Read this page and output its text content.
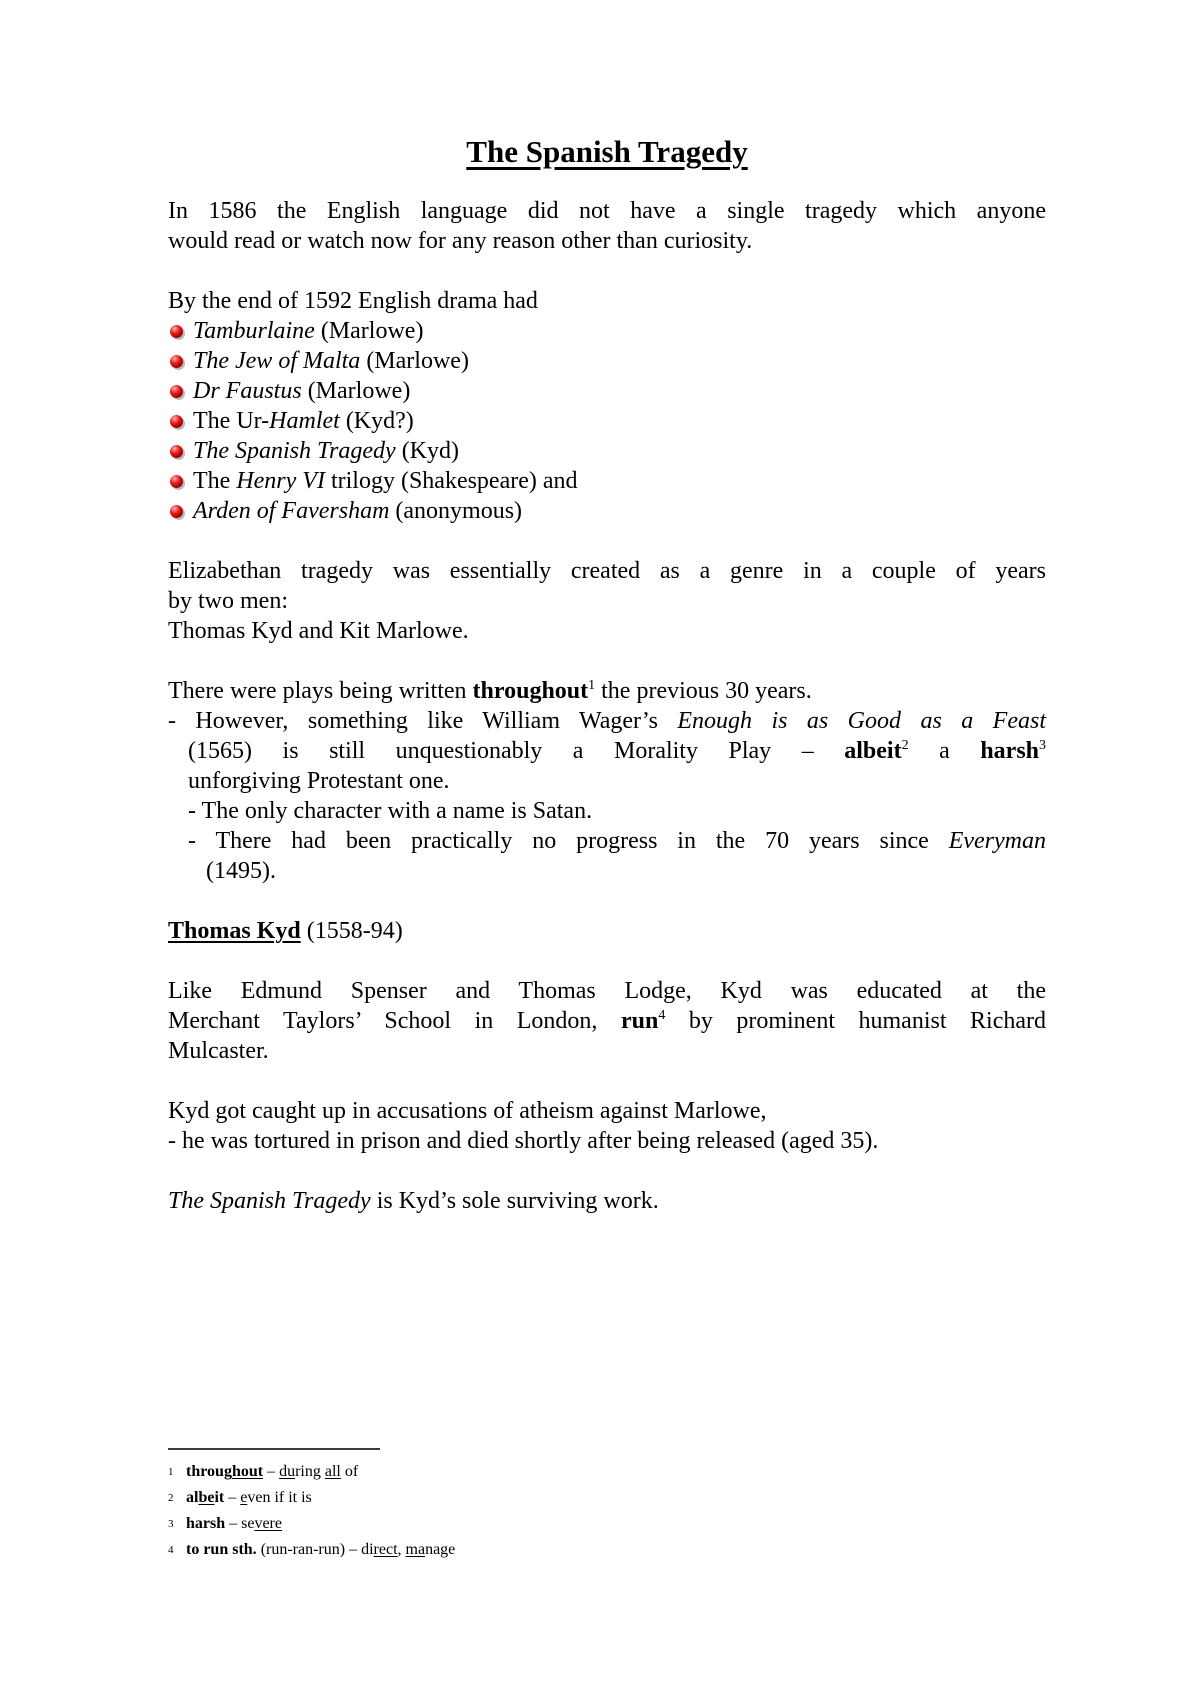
The Spanish Tragedy
In 1586 the English language did not have a single tragedy which anyone
would read or watch now for any reason other than curiosity.
By the end of 1592 English drama had
Tamburlaine (Marlowe)
The Jew of Malta (Marlowe)
Dr Faustus (Marlowe)
The Ur-Hamlet (Kyd?)
The Spanish Tragedy (Kyd)
The Henry VI trilogy (Shakespeare) and
Arden of Faversham (anonymous)
Elizabethan tragedy was essentially created as a genre in a couple of years
by two men:
Thomas Kyd and Kit Marlowe.
There were plays being written throughout$^1$ the previous 30 years.
- However, something like William Wager’s Enough is as Good as a Feast
(1565) is still unquestionably a Morality Play – albeit$^2$ a harsh$^3$
unforgiving Protestant one.
- The only character with a name is Satan.
- There had been practically no progress in the 70 years since Everyman
(1495).
Thomas Kyd (1558-94)
Like Edmund Spenser and Thomas Lodge, Kyd was educated at the
Merchant Taylors’ School in London, run$^4$ by prominent humanist Richard
Mulcaster.
Kyd got caught up in accusations of atheism against Marlowe,
- he was tortured in prison and died shortly after being released (aged 35).
The Spanish Tragedy is Kyd’s sole surviving work.
1 throughout – during all of
2 albeit – even if it is
3 harsh – severe
4 to run sth. (run-ran-run) – direct, manage
